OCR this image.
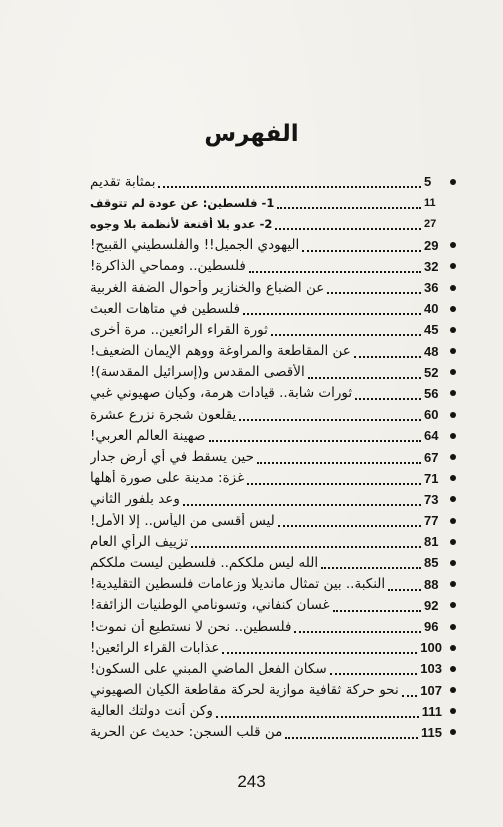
الفهرس
بمثابة تقديم	5
1- فلسطين: عن عودة لم تتوقف	11
2- عدو بلا أقنعة لأنظمة بلا وجوه	27
اليهودي الجميل!! والفلسطيني القبيح!	29
فلسطين.. ومماحي الذاكرة!	32
عن الضباع والخنازير وأحوال الضفة الغربية	36
فلسطين في متاهات العبث	40
ثورة القراء الرائعين.. مرة أخرى	45
عن المقاطعة والمراوغة ووهم الإيمان الضعيف!	48
الأقصى المقدس و(إسرائيل المقدسة)!	52
ثورات شابة.. قيادات هرمة، وكيان صهيوني غبي	56
يقلعون شجرة نزرع عشرة	60
صهينة العالم العربي!	64
حين يسقط في أي أرض جدار	67
غزة: مدينة على صورة أهلها	71
وعد بلفور الثاني	73
ليس أقسى من اليأس.. إلا الأمل!	77
تزييف الرأي العام	81
الله ليس ملككم.. فلسطين ليست ملككم	85
النكبة.. بين تمثال مانديلا وزعامات فلسطين التقليدية!	88
غسان كنفاني، وتسونامي الوطنيات الزائفة!	92
فلسطين.. نحن لا نستطيع أن نموت!	96
عذابات القراء الرائعين!	100
سكان الفعل الماضي المبني على السكون!	103
نحو حركة ثقافية موازية لحركة مقاطعة الكيان الصهيوني 107
وكن أنت دولتك العالية	111
من قلب السجن: حديث عن الحرية	115
243
